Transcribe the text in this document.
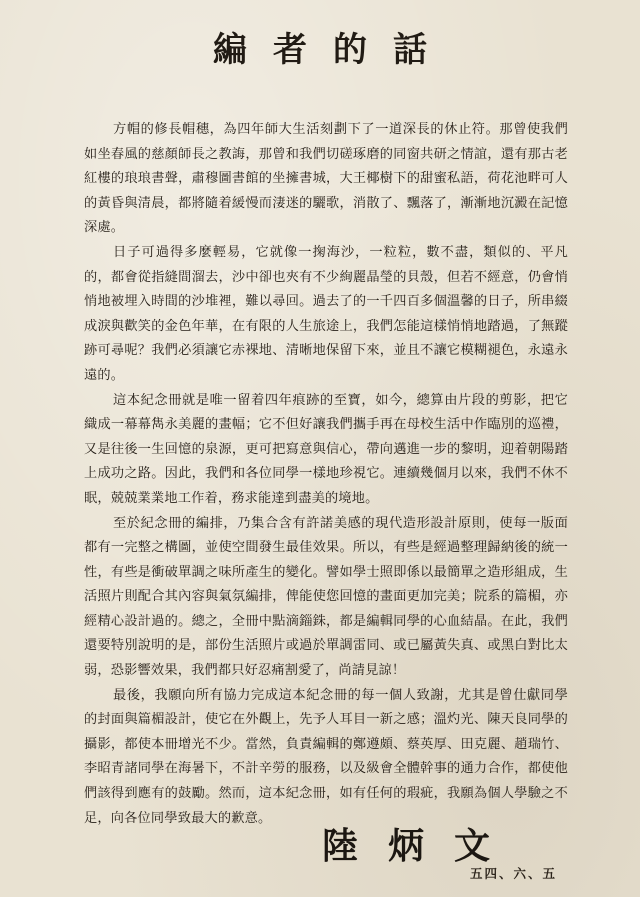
編者的話

方帽的修長帽穗，為四年師大生活刻劃下了一道深長的休止符。那曾使我們如坐春風的慈顏師長之教誨，那曾和我們切磋琢磨的同窗共研之情誼，還有那古老紅樓的琅琅書聲，肅穆圖書館的坐擁書城，大王椰樹下的甜蜜私語，荷花池畔可人的黃昏與清晨，都將隨着緩慢而淒迷的驪歌，消散了、飄落了，漸漸地沉澱在記憶深處。

日子可過得多麼輕易，它就像一掬海沙，一粒粒，數不盡，類似的、平凡的，都會從指縫間溜去，沙中卻也夾有不少絢麗晶瑩的貝殼，但若不經意，仍會悄悄地被埋入時間的沙堆裡，難以尋回。過去了的一千四百多個溫馨的日子，所串綴成淚與歡笑的金色年華，在有限的人生旅途上，我們怎能這樣悄悄地踏過，了無蹤跡可尋呢？我們必須讓它赤裸地、清晰地保留下來，並且不讓它模糊褪色，永遠永遠的。

這本紀念冊就是唯一留着四年痕跡的至寶，如今，總算由片段的剪影，把它織成一幕幕雋永美麗的畫幅；它不但好讓我們攜手再在母校生活中作臨別的巡禮，又是往後一生回憶的泉源，更可把寫意與信心，帶向邁進一步的黎明，迎着朝陽踏上成功之路。因此，我們和各位同學一樣地珍視它。連續幾個月以來，我們不休不眠，兢兢業業地工作着，務求能達到盡美的境地。

至於紀念冊的編排，乃集合含有許諾美感的現代造形設計原則，使每一版面都有一完整之構圖，並使空間發生最佳效果。所以，有些是經過整理歸納後的統一性，有些是衝破單調之味所產生的變化。譬如學士照即係以最簡單之造形組成，生活照片則配合其內容與氣氛編排，俾能使您回憶的畫面更加完美；院系的篇楣，亦經精心設計過的。總之，全冊中點滴錙銖，都是編輯同學的心血結晶。在此，我們還要特別說明的是，部份生活照片或過於單調雷同、或已屬黃失真、或黑白對比太弱，恐影響效果，我們都只好忍痛割愛了，尚請見諒！

最後，我願向所有協力完成這本紀念冊的每一個人致謝，尤其是曾仕獻同學的封面與篇楣設計，使它在外觀上，先予人耳目一新之感；溫灼光、陳天良同學的攝影，都使本冊增光不少。當然，負責編輯的鄭遵頗、蔡英厚、田克麗、趙瑞竹、李昭青諸同學在海暑下，不計辛勞的服務，以及級會全體幹事的通力合作，都使他們該得到應有的鼓勵。然而，這本紀念冊，如有任何的瑕疵，我願為個人學驗之不足，向各位同學致最大的歉意。

陸炳文
五四、六、五
